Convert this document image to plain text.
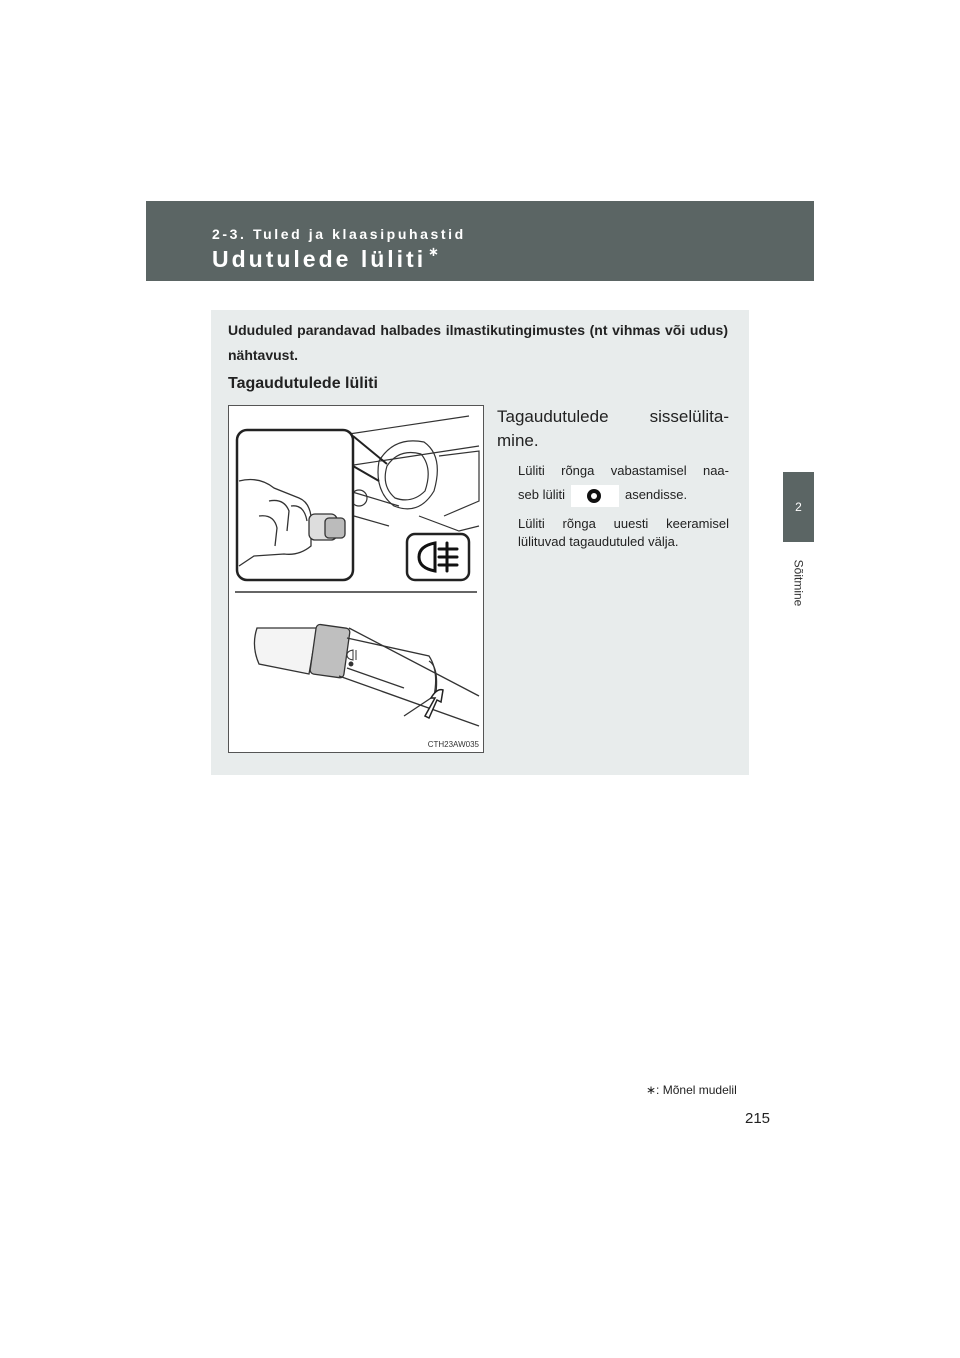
2-3. Tuled ja klaasipuhastid
Udutulede lüliti ∗
2
Sõitmine
Ududuled parandavad halbades ilmastikutingimustes (nt vihmas või udus) nähtavust.
Tagaudutulede lüliti
CTH23AW035
Tagaudutulede sisselülita-mine.
Lüliti rõnga vabastamisel naa-
seb lüliti	asendisse.
Lüliti rõnga uuesti keeramisel lülituvad tagaudutuled välja.
∗: Mõnel mudelil
215
